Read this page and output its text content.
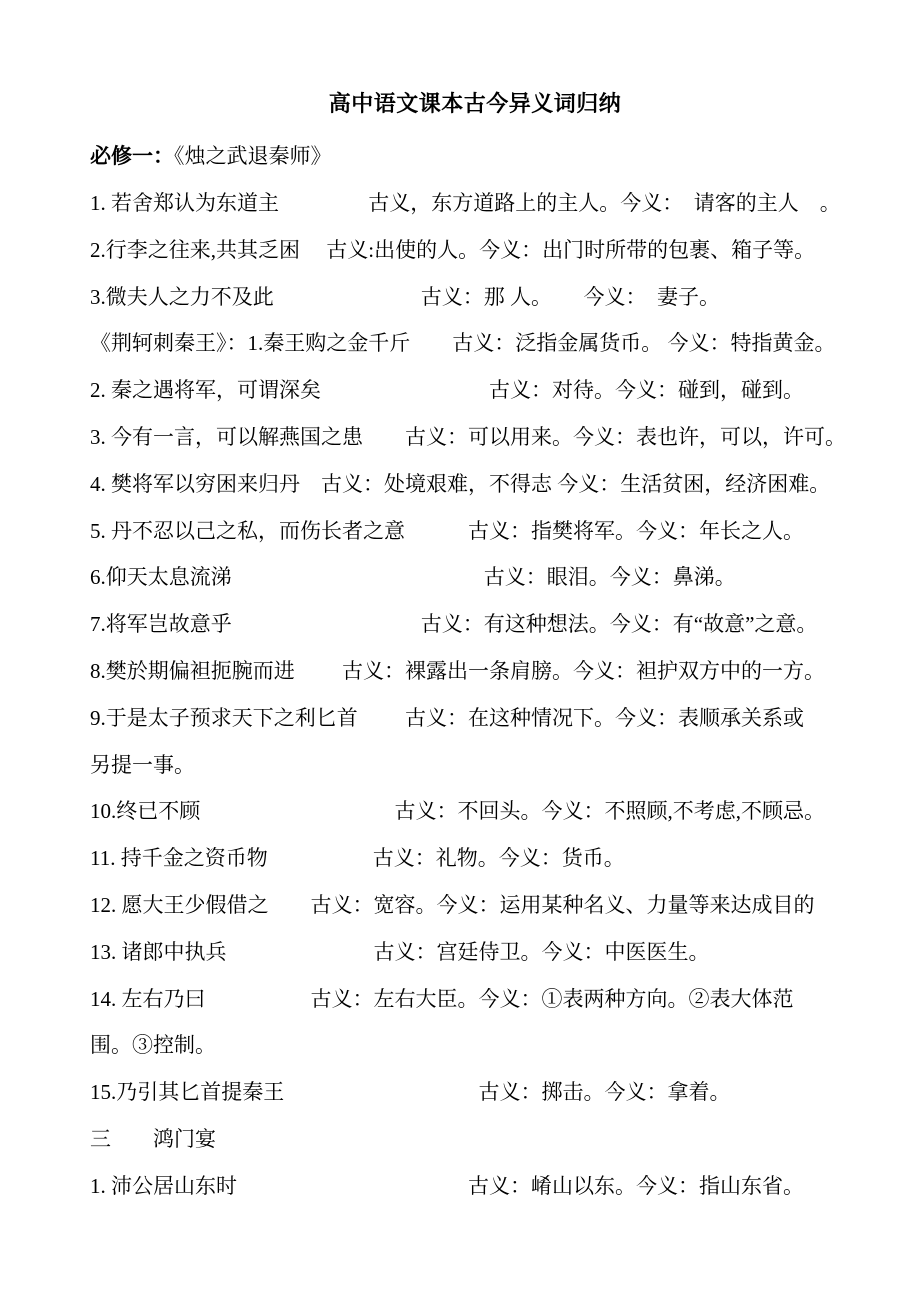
高中语文课本古今异义词归纳

必修一：《烛之武退秦师》

1. 若舍郑认为东道主　　　　 古义，东方道路上的主人。今义：　请客的主人　。

2.行李之往来,共其乏困　 古义:出使的人。今义：出门时所带的包裹、箱子等。

3.微夫人之力不及此　　　　　　　古义：那 人。　　今义：　妻子。

《荆轲刺秦王》：1.秦王购之金千斤　　古义：泛指金属货币。 今义：特指黄金。

2. 秦之遇将军，可谓深矣　　　　　　　　古义：对待。今义：碰到，碰到。

3. 今有一言，可以解燕国之患　　古义：可以用来。今义：表也许，可以，许可。

4. 樊将军以穷困来归丹　古义：处境艰难，不得志 今义：生活贫困，经济困难。

5. 丹不忍以己之私，而伤长者之意　　　古义：指樊将军。今义：年长之人。

6.仰天太息流涕　　　　　　　　　　　　古义：眼泪。今义：鼻涕。

7.将军岂故意乎　　　　　　　　　古义：有这种想法。今义：有“故意”之意。

8.樊於期偏袒扼腕而进　　 古义：裸露出一条肩膀。今义：袒护双方中的一方。

9.于是太子预求天下之利匕首　　 古义：在这种情况下。今义：表顺承关系或

另提一事。

10.终已不顾　　　　　　　　　 古义：不回头。今义：不照顾,不考虑,不顾忌。

11. 持千金之资币物　　　　　古义：礼物。今义：货币。

12. 愿大王少假借之　　古义：宽容。今义：运用某种名义、力量等来达成目的

13. 诸郎中执兵　　　　　　　古义：宫廷侍卫。今义：中医医生。

14. 左右乃曰　　　　　古义：左右大臣。今义：①表两种方向。②表大体范

围。③控制。

15.乃引其匕首提秦王　　　　　　　　　 古义：掷击。今义：拿着。

三　　鸿门宴

1. 沛公居山东时　　　　　　　　　　　古义：崤山以东。今义：指山东省。
